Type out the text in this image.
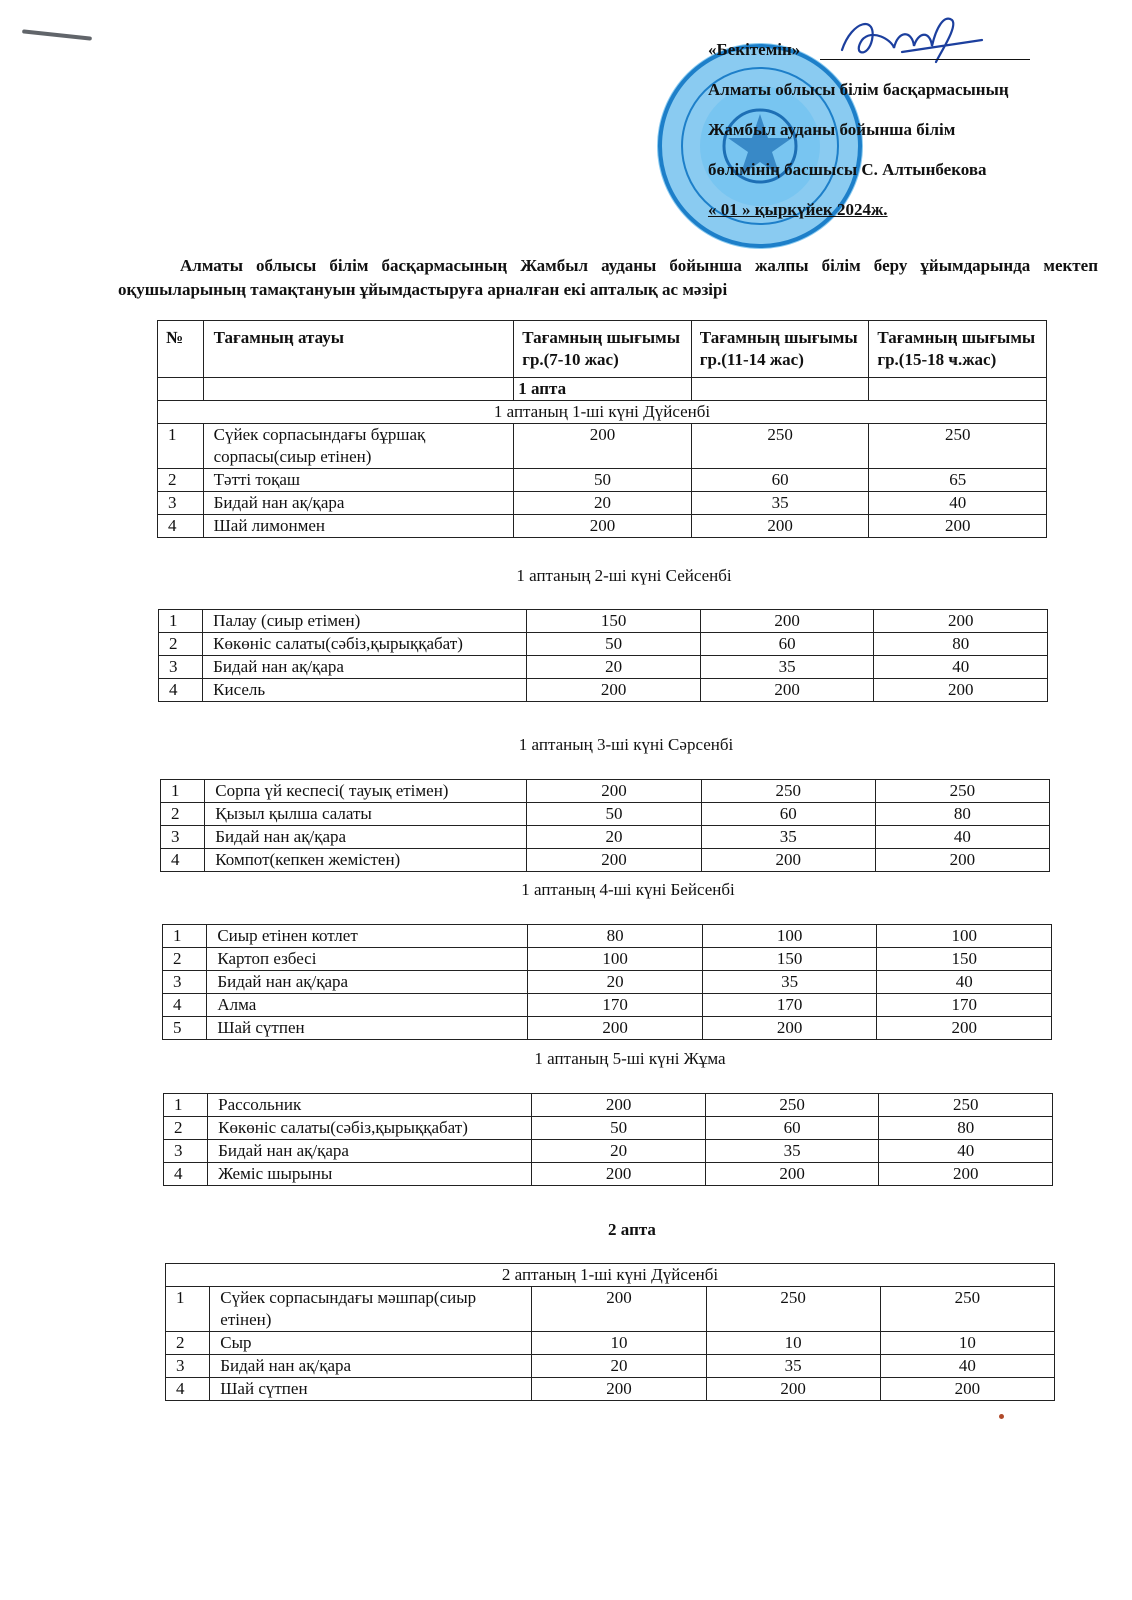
«Бекітемін»
Алматы облысы білім басқармасының
Жамбыл ауданы бойынша білім
бөлімінің басшысы С. Алтынбекова
« 01 » қыркүйек 2024ж.
Алматы облысы білім басқармасының Жамбыл ауданы бойынша жалпы білім беру ұйымдарында мектеп оқушыларының тамақтануын ұйымдастыруға арналған екі апталық ас мәзірі
№	Тағамның атауы	Тағамның шығымы гр.(7-10 жас)	Тағамның шығымы гр.(11-14 жас)	Тағамның шығымы гр.(15-18 ҹ.жас)
		1 апта		
1 аптаның 1-ші күні Дүйсенбі				
1	Сүйек сорпасындағы бұршақ сорпасы(сиыр етінен)	200	250	250
2	Тәтті тоқаш	50	60	65
3	Бидай нан ақ/қара	20	35	40
4	Шай лимонмен	200	200	200
1 аптаның 2-ші күні Сейсенбі
1	Палау (сиыр етімен)	150	200	200
2	Көкөніс салаты(сәбіз,қырыққабат)	50	60	80
3	Бидай нан ақ/қара	20	35	40
4	Кисель	200	200	200
1 аптаның 3-ші күні Сәрсенбі
1	Сорпа үй кеспесі( тауық етімен)	200	250	250
2	Қызыл қылша салаты	50	60	80
3	Бидай нан ақ/қара	20	35	40
4	Компот(кепкен жемістен)	200	200	200
1 аптаның 4-ші күні Бейсенбі
1	Сиыр етінен котлет	80	100	100
2	Картоп езбесі	100	150	150
3	Бидай нан ақ/қара	20	35	40
4	Алма	170	170	170
5	Шай сүтпен	200	200	200
1 аптаның 5-ші күні Жұма
1	Рассольник	200	250	250
2	Көкөніс салаты(сәбіз,қырыққабат)	50	60	80
3	Бидай нан ақ/қара	20	35	40
4	Жеміс шырыны	200	200	200
2 апта
2 аптаның 1-ші күні Дүйсенбі				
1	Сүйек сорпасындағы мәшпар(сиыр етінен)	200	250	250
2	Сыр	10	10	10
3	Бидай нан ақ/қара	20	35	40
4	Шай сүтпен	200	200	200
